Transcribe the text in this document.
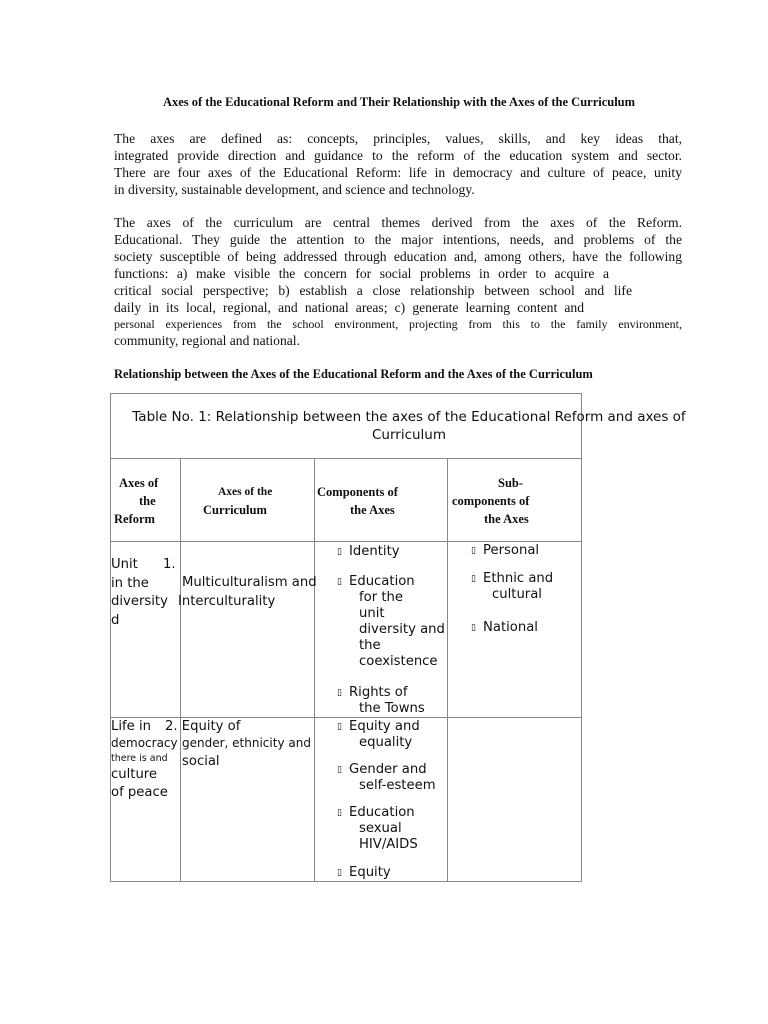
Axes of the Educational Reform and Their Relationship with the Axes of the Curriculum
The axes are defined as: concepts, principles, values, skills, and key ideas that,
integrated provide direction and guidance to the reform of the education system and sector.
There are four axes of the Educational Reform: life in democracy and culture of peace, unity
in diversity, sustainable development, and science and technology.
The axes of the curriculum are central themes derived from the axes of the Reform.
Educational. They guide the attention to the major intentions, needs, and problems of the
society susceptible of being addressed through education and, among others, have the following
functions: a) make visible the concern for social problems in order to acquire a
critical social perspective; b) establish a close relationship between school and life
daily in its local, regional, and national areas; c) generate learning content and
personal experiences from the school environment, projecting from this to the family environment,
community, regional and national.
Relationship between the Axes of the Educational Reform and the Axes of the Curriculum
Table No. 1: Relationship between the axes of the Educational Reform and axes of
Curriculum
Axes of
the
Reform
Axes of the
Curriculum
Components of
the Axes
Sub-
components of
the Axes
Unit      1.
in the
diversity
d
Multiculturalism and
Interculturality
▯ Identity
▯ Education
for the
unit
diversity and
the
coexistence
▯ Rights of
the Towns
▯ Personal
▯ Ethnic and
cultural
▯ National
Life in
democracy
there is and
culture
of peace
2. Equity of
gender, ethnicity and
social
▯ Equity and
equality
▯ Gender and
self-esteem
▯ Education
sexual
HIV/AIDS
▯ Equity
